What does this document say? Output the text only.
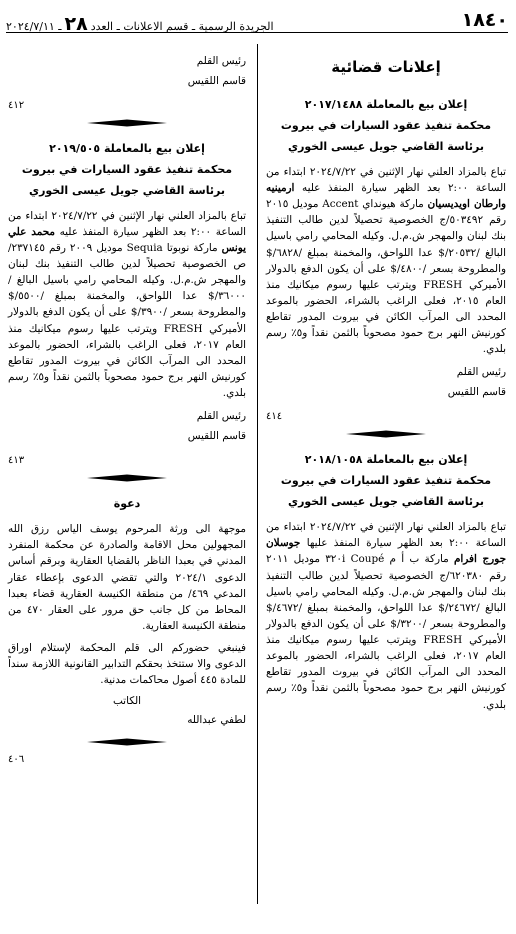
١٨٤٠
الجريدة الرسمية ـ قسم الاعلانات ـ العدد٢٨ـ ٢٠٢٤/٧/١١
إعلانات قضائية
إعلان بيع بالمعاملة ٢٠١٧/١٤٨٨
محكمة تنفيذ عقود السيارات في بيروت
برئاسة القاضي جويل عيسى الخوري

تباع بالمزاد العلني نهار الإثنين في ٢٠٢٤/٧/٢٢ ابتداء من الساعة ٢:٠٠ بعد الظهر سيارة المنفذ عليه ارمينيه وارطان اويديسيان ماركة هيونداي Accent موديل ٢٠١٥ رقم ٥٠٣٤٩٢/ج الخصوصية تحصيلاً لدين طالب التنفيذ بنك لبنان والمهجر ش.م.ل. وكيله المحامي رامي باسيل البالغ /٢٠٥٣٢/$ عدا اللواحق، والمخمنة بمبلغ /٦٨٢٨/$ والمطروحة بسعر /٤٨٠٠/$ على أن يكون الدفع بالدولار الأميركي FRESH ويترتب عليها رسوم ميكانيك منذ العام ٢٠١٥، فعلى الراغب بالشراء، الحضور بالموعد المحدد الى المرآب الكائن في بيروت المدور تقاطع كورنيش النهر برج حمود مصحوباً بالثمن نقداً و٥٪ رسم بلدي.

رئيس القلم
قاسم اللقيس
٤١٤
إعلان بيع بالمعاملة ٢٠١٨/١٠٥٨
محكمة تنفيذ عقود السيارات في بيروت
برئاسة القاضي جويل عيسى الخوري

تباع بالمزاد العلني نهار الإثنين في ٢٠٢٤/٧/٢٢ ابتداء من الساعة ٢:٠٠ بعد الظهر سيارة المنفذ عليها جوسلان جورج افرام ماركة ب أ م Coupé ٣٢٠i موديل ٢٠١١ رقم ٦٢٠٣٨٠/ج الخصوصية تحصيلاً لدين طالب التنفيذ بنك لبنان والمهجر ش.م.ل. وكيله المحامي رامي باسيل البالغ /٢٤٦٧٢/$ عدا اللواحق، والمخمنة بمبلغ /٤٦٧٢/$ والمطروحة بسعر /٣٢٠٠/$ على أن يكون الدفع بالدولار الأميركي FRESH ويترتب عليها رسوم ميكانيك منذ العام ٢٠١٧، فعلى الراغب بالشراء، الحضور بالموعد المحدد الى المرآب الكائن في بيروت المدور تقاطع كورنيش النهر برج حمود مصحوباً بالثمن نقداً و٥٪ رسم بلدي.

رئيس القلم
قاسم اللقيس
٤١٢
إعلان بيع بالمعاملة ٢٠١٩/٥٠٥
محكمة تنفيذ عقود السيارات في بيروت
برئاسة القاضي جويل عيسى الخوري

تباع بالمزاد العلني نهار الإثنين في ٢٠٢٤/٧/٢٢ ابتداء من الساعة ٢:٠٠ بعد الظهر سيارة المنفذ عليه محمد علي يونس ماركة نوبوتا Sequia موديل ٢٠٠٩ رقم ٢٣٧١٤٥/ص الخصوصية تحصيلاً لدين طالب التنفيذ بنك لبنان والمهجر ش.م.ل. وكيله المحامي رامي باسيل البالغ /٣٦٠٠٠/$ عدا اللواحق، والمخمنة بمبلغ /٥٥٠٠/$ والمطروحة بسعر /٣٩٠٠/$ على أن يكون الدفع بالدولار الأميركي FRESH ويترتب عليها رسوم ميكانيك منذ العام ٢٠١٧، فعلى الراغب بالشراء، الحضور بالموعد المحدد الى المرآب الكائن في بيروت المدور تقاطع كورنيش النهر برج حمود مصحوباً بالثمن نقداً و٥٪ رسم بلدي.

رئيس القلم
قاسم اللقيس
٤١٣
دعوة

موجهة الى ورثة المرحوم يوسف الياس رزق الله المجهولين محل الاقامة والصادرة عن محكمة المنفرد المدني في بعبدا الناظر بالقضايا العقارية وبرقم أساس الدعوى ٢٠٢٤/١ والتي تقضي الدعوى بإعطاء عقار المدعي ٤٦٩/ من منطقة الكنيسة العقارية قضاء بعبدا المحاط من كل جانب حق مرور على العقار ٤٧٠ من منطقة الكنيسة العقارية.

فينبغي حضوركم الى قلم المحكمة لإستلام اوراق الدعوى والا ستتخذ بحقكم التدابير القانونية اللازمة سنداً للمادة ٤٤٥ أصول محاكمات مدنية.

الكاتب
لطفي عبدالله
٤٠٦
